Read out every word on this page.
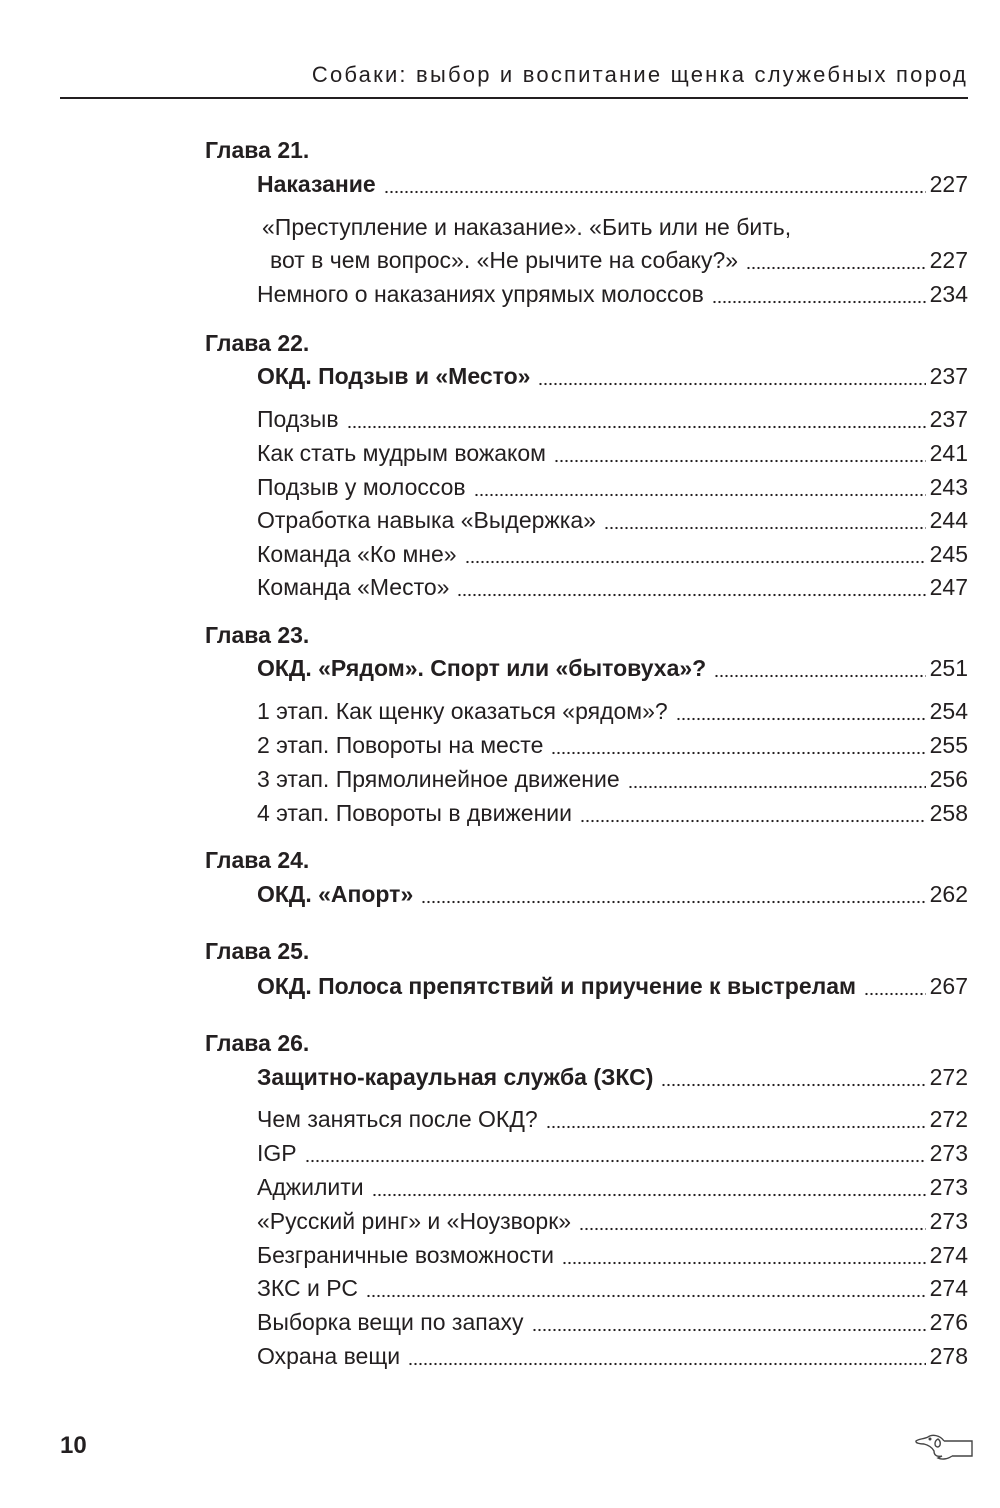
Собаки: выбор и воспитание щенка служебных пород
Глава 21.
Наказание	227
«Преступление и наказание». «Бить или не бить,
вот в чем вопрос». «Не рычите на собаку?»	227
Немного о наказаниях упрямых молоссов	234
Глава 22.
ОКД. Подзыв и «Место»	237
Подзыв	237
Как стать мудрым вожаком	241
Подзыв у молоссов	243
Отработка навыка «Выдержка»	244
Команда «Ко мне»	245
Команда «Место»	247
Глава 23.
ОКД. «Рядом». Спорт или «бытовуха»?	251
1 этап. Как щенку оказаться «рядом»?	254
2 этап. Повороты на месте	255
3 этап. Прямолинейное движение	256
4 этап. Повороты в движении	258
Глава 24.
ОКД. «Апорт»	262
Глава 25.
ОКД. Полоса препятствий и приучение к выстрелам	267
Глава 26.
Защитно-караульная служба (ЗКС)	272
Чем заняться после ОКД?	272
IGP	273
Аджилити	273
«Русский ринг» и «Ноузворк»	273
Безграничные возможности	274
ЗКС и РС	274
Выборка вещи по запаху	276
Охрана вещи	278
10
